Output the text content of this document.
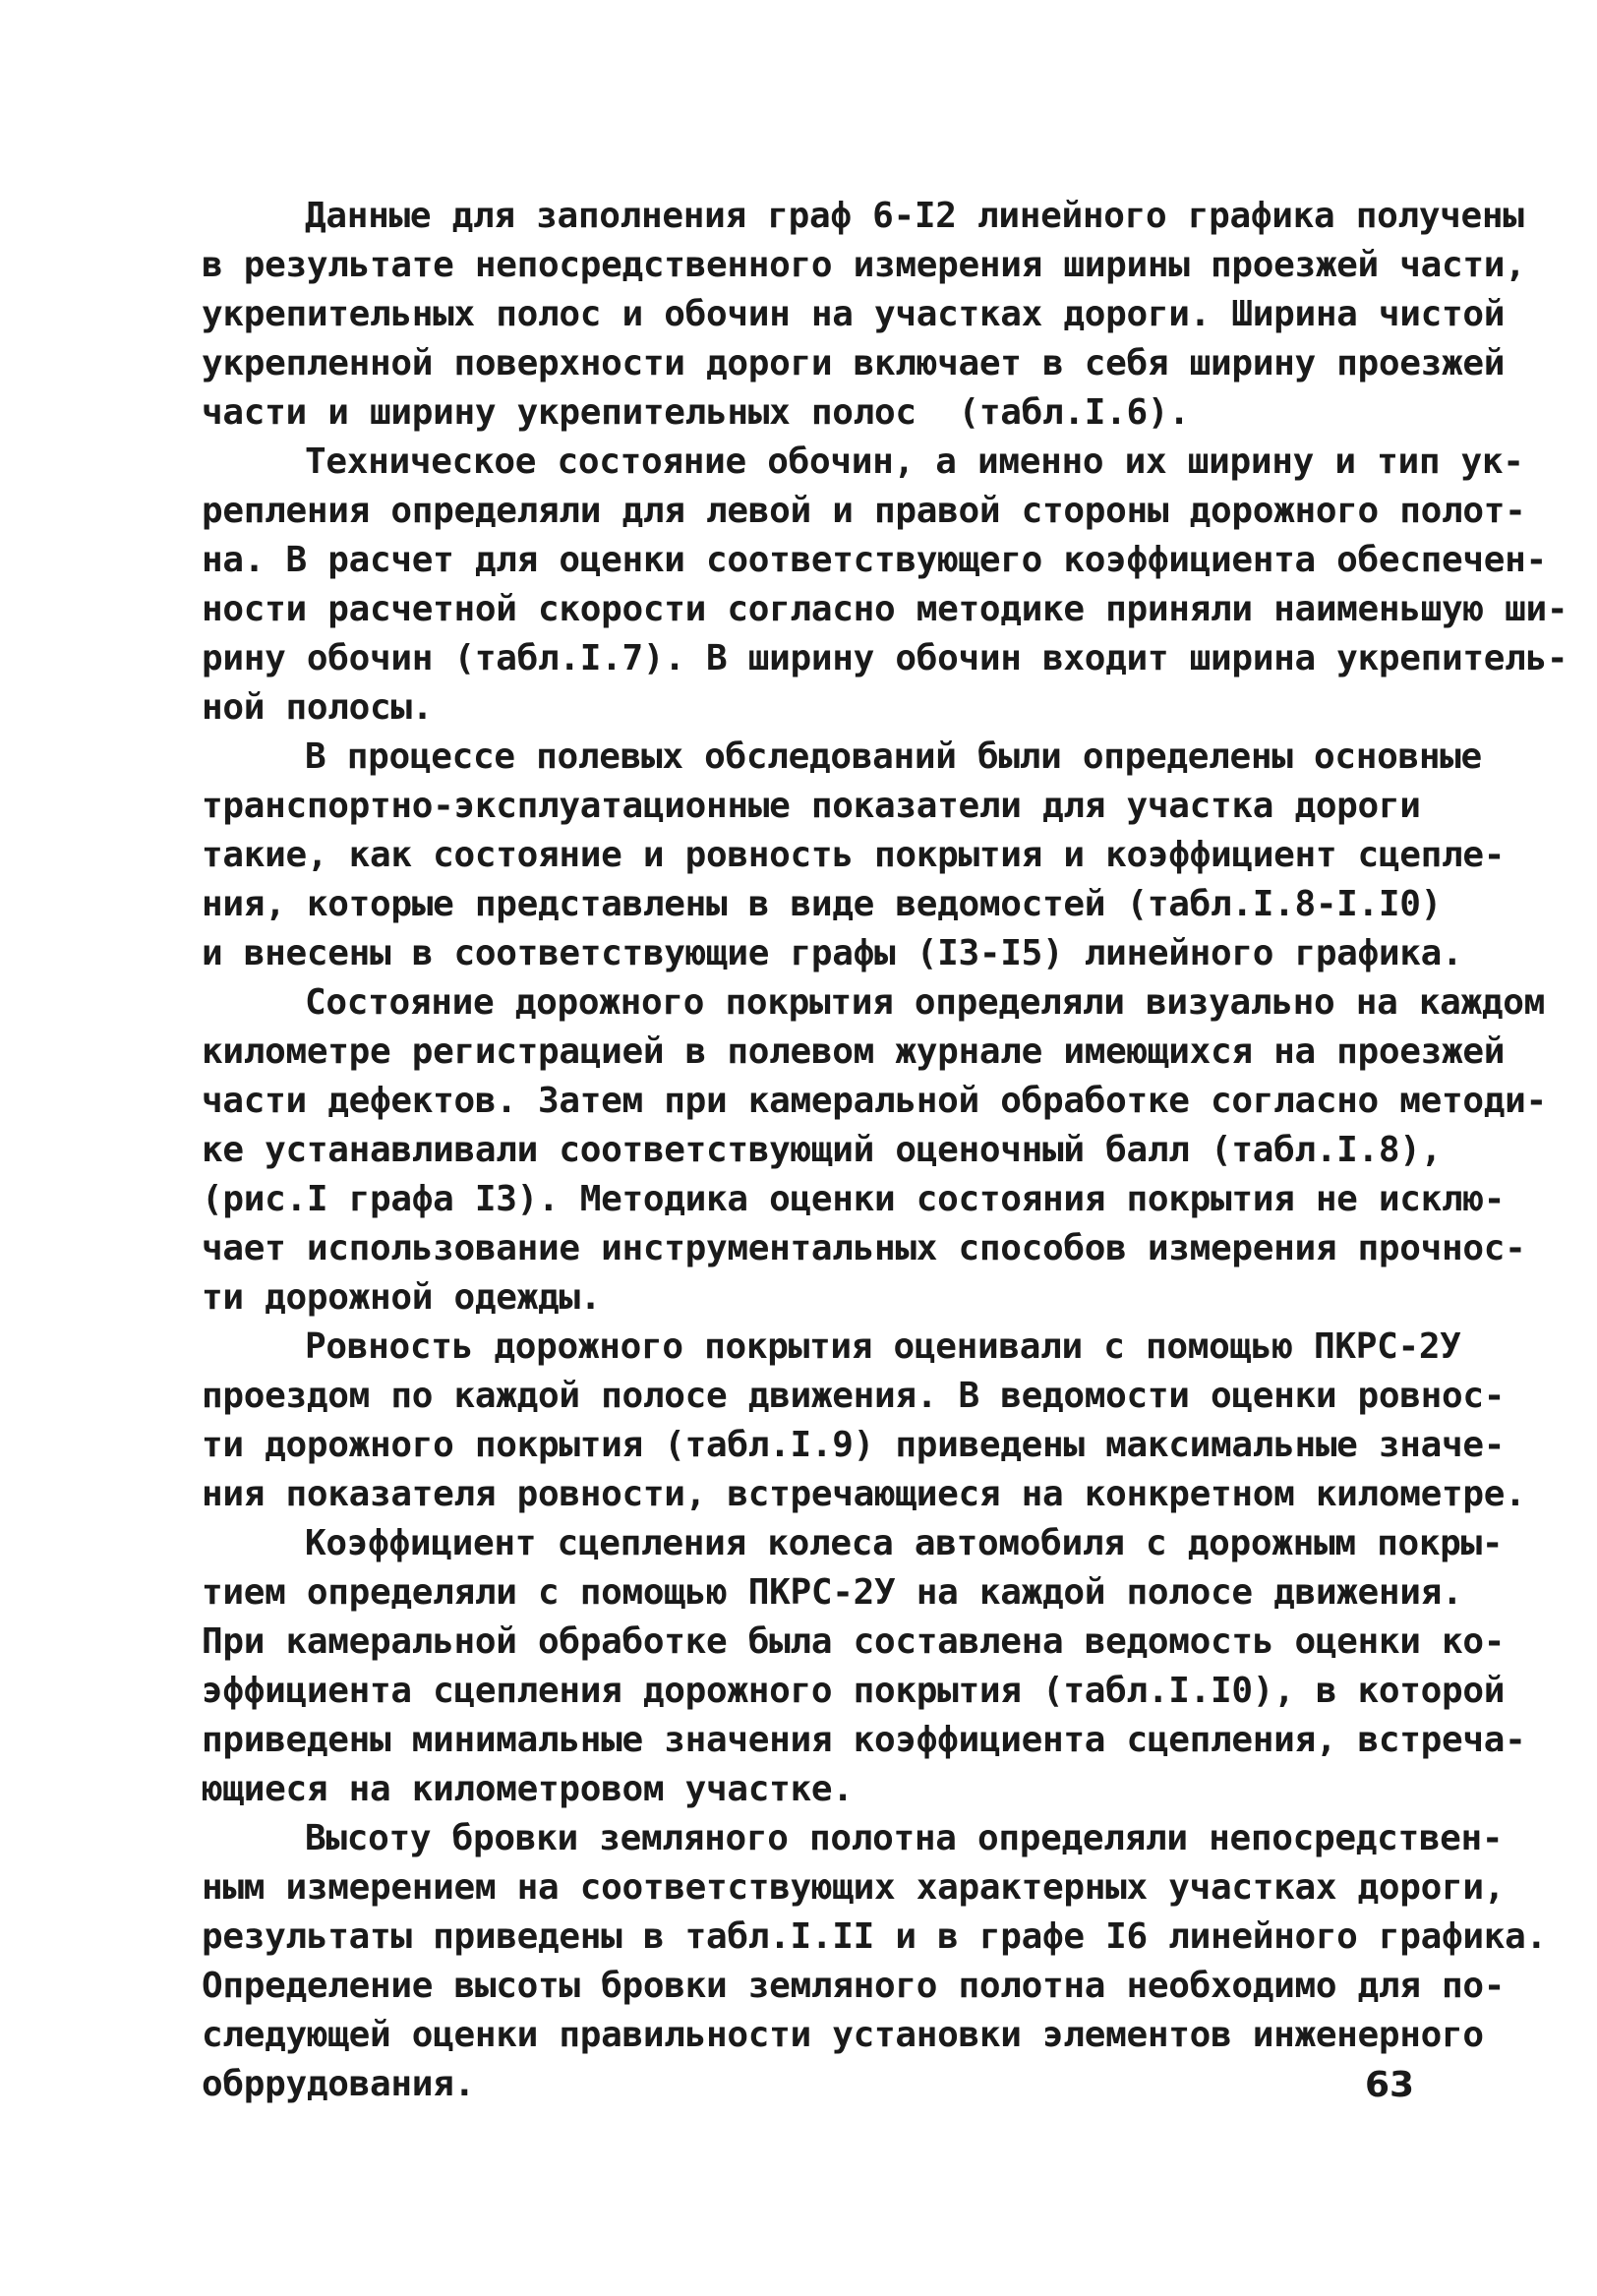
Данные для заполнения граф 6-I2 линейного графика получены
в результате непосредственного измерения ширины проезжей части,
укрепительных полос и обочин на участках дороги. Ширина чистой
укрепленной поверхности дороги включает в себя ширину проезжей
части и ширину укрепительных полос  (табл.I.6).

Техническое состояние обочин, а именно их ширину и тип ук-
репления определяли для левой и правой стороны дорожного полот-
на. В расчет для оценки соответствующего коэффициента обеспечен-
ности расчетной скорости согласно методике приняли наименьшую ши-
рину обочин (табл.I.7). В ширину обочин входит ширина укрепитель-
ной полосы.

В процессе полевых обследований были определены основные
транспортно-эксплуатационные показатели для участка дороги
такие, как состояние и ровность покрытия и коэффициент сцепле-
ния, которые представлены в виде ведомостей (табл.I.8-I.I0)
и внесены в соответствующие графы (I3-I5) линейного графика.

Состояние дорожного покрытия определяли визуально на каждом
километре регистрацией в полевом журнале имеющихся на проезжей
части дефектов. Затем при камеральной обработке согласно методи-
ке устанавливали соответствующий оценочный балл (табл.I.8),
(рис.I графа I3). Методика оценки состояния покрытия не исклю-
чает использование инструментальных способов измерения прочнос-
ти дорожной одежды.

Ровность дорожного покрытия оценивали с помощью ПКРС-2У
проездом по каждой полосе движения. В ведомости оценки ровнос-
ти дорожного покрытия (табл.I.9) приведены максимальные значе-
ния показателя ровности, встречающиеся на конкретном километре.

Коэффициент сцепления колеса автомобиля с дорожным покры-
тием определяли с помощью ПКРС-2У на каждой полосе движения.
При камеральной обработке была составлена ведомость оценки ко-
эффициента сцепления дорожного покрытия (табл.I.I0), в которой
приведены минимальные значения коэффициента сцепления, встреча-
ющиеся на километровом участке.

Высоту бровки земляного полотна определяли непосредствен-
ным измерением на соответствующих характерных участках дороги,
результаты приведены в табл.I.II и в графе I6 линейного графика.
Определение высоты бровки земляного полотна необходимо для по-
следующей оценки правильности установки элементов инженерного
обррудования.	63
